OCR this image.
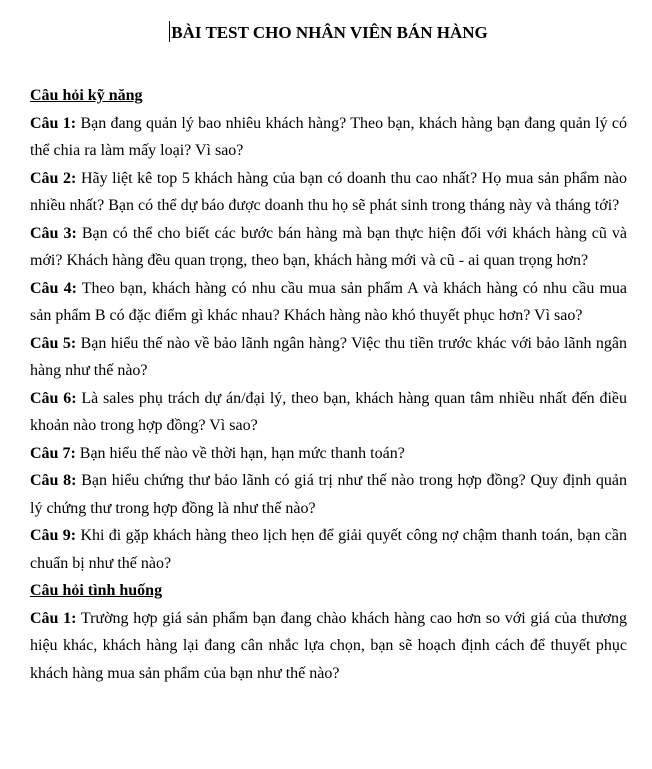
BÀI TEST CHO NHÂN VIÊN BÁN HÀNG
Câu hỏi kỹ năng

Câu 1: Bạn đang quản lý bao nhiêu khách hàng? Theo bạn, khách hàng bạn đang quản lý có thể chia ra làm mấy loại? Vì sao?

Câu 2: Hãy liệt kê top 5 khách hàng của bạn có doanh thu cao nhất? Họ mua sản phẩm nào nhiều nhất? Bạn có thể dự báo được doanh thu họ sẽ phát sinh trong tháng này và tháng tới?

Câu 3: Bạn có thể cho biết các bước bán hàng mà bạn thực hiện đối với khách hàng cũ và mới? Khách hàng đều quan trọng, theo bạn, khách hàng mới và cũ - ai quan trọng hơn?

Câu 4: Theo bạn, khách hàng có nhu cầu mua sản phẩm A và khách hàng có nhu cầu mua sản phẩm B có đặc điểm gì khác nhau? Khách hàng nào khó thuyết phục hơn? Vì sao?

Câu 5: Bạn hiểu thế nào về bảo lãnh ngân hàng? Việc thu tiền trước khác với bảo lãnh ngân hàng như thế nào?

Câu 6: Là sales phụ trách dự án/đại lý, theo bạn, khách hàng quan tâm nhiều nhất đến điều khoản nào trong hợp đồng? Vì sao?

Câu 7: Bạn hiểu thế nào về thời hạn, hạn mức thanh toán?

Câu 8: Bạn hiểu chứng thư bảo lãnh có giá trị như thế nào trong hợp đồng? Quy định quản lý chứng thư trong hợp đồng là như thế nào?

Câu 9: Khi đi gặp khách hàng theo lịch hẹn để giải quyết công nợ chậm thanh toán, bạn cần chuẩn bị như thế nào?

Câu hỏi tình huống

Câu 1: Trường hợp giá sản phẩm bạn đang chào khách hàng cao hơn so với giá của thương hiệu khác, khách hàng lại đang cân nhắc lựa chọn, bạn sẽ hoạch định cách để thuyết phục khách hàng mua sản phẩm của bạn như thế nào?
